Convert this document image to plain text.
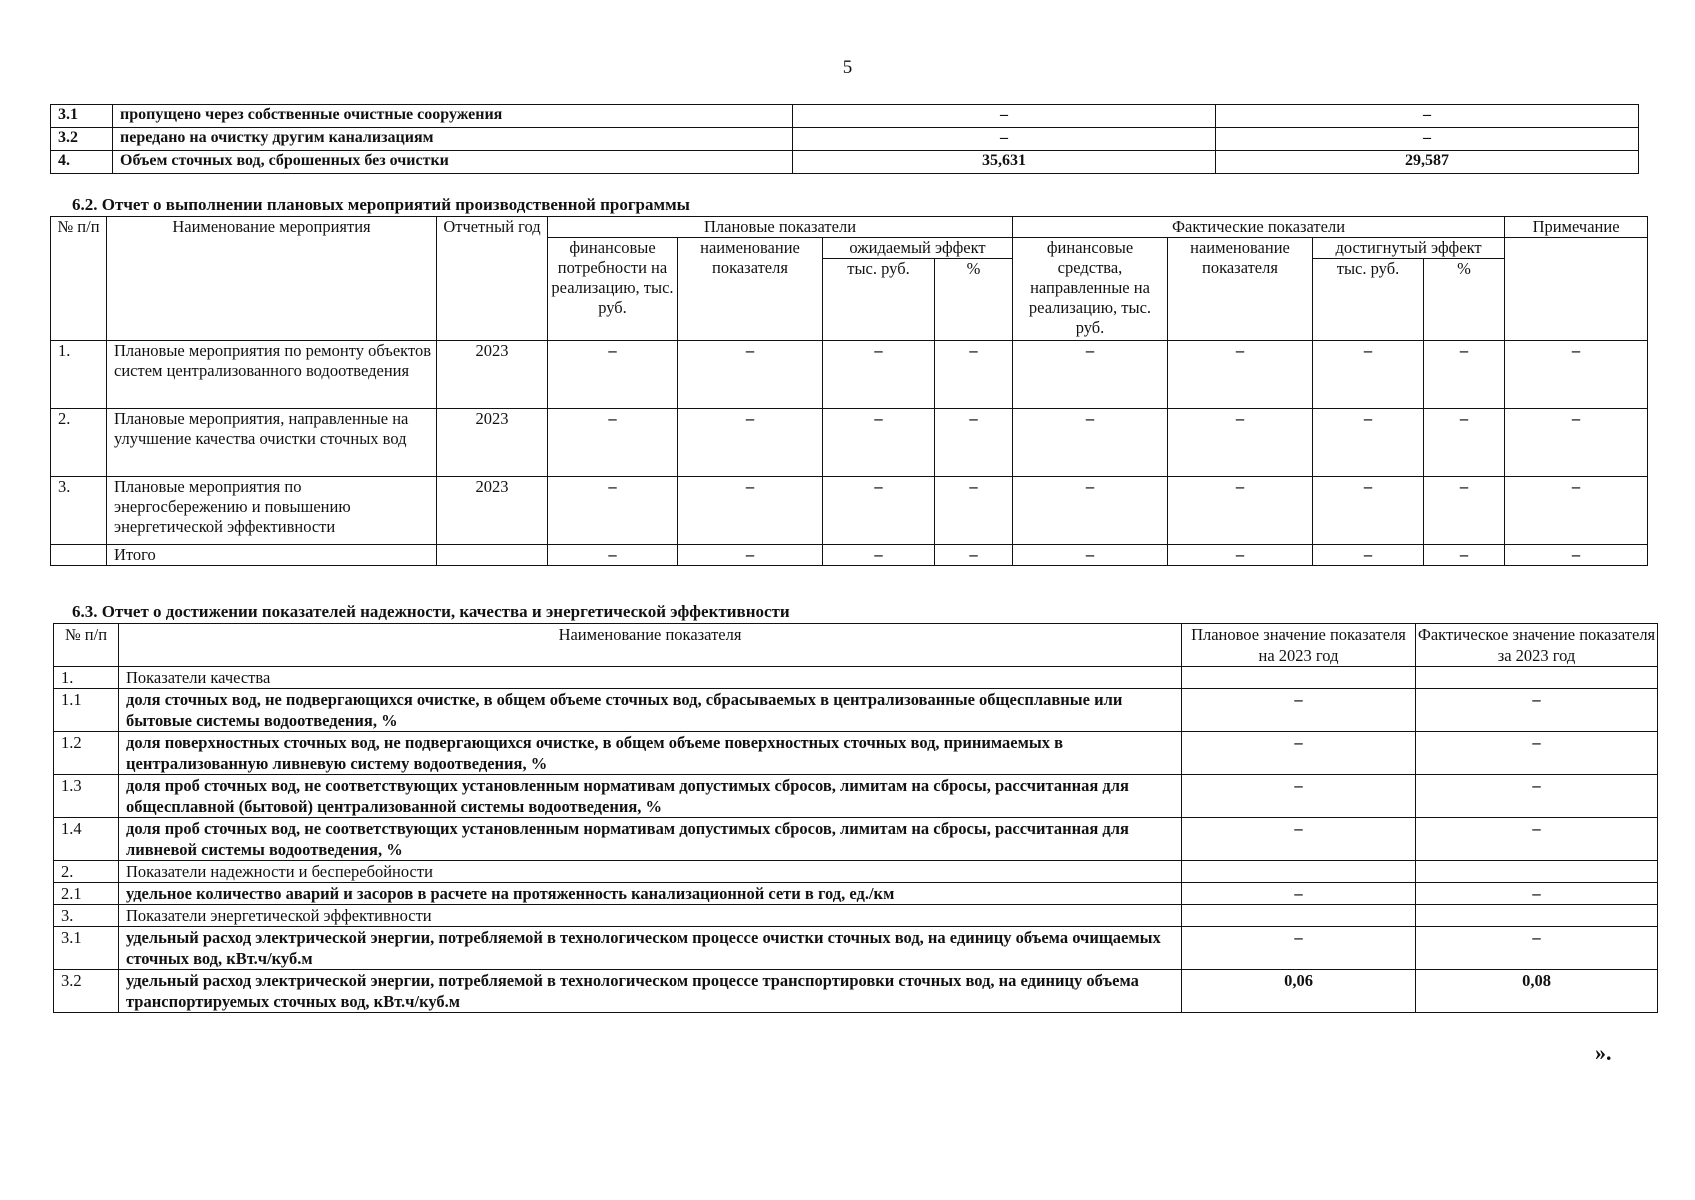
5
3.1	пропущено через собственные очистные сооружения	–	–
3.2	передано на очистку другим канализациям	–	–
4.	Объем сточных вод, сброшенных без очистки	35,631	29,587
6.2. Отчет о выполнении плановых мероприятий производственной программы
№ п/п	Наименование мероприятия	Отчетный год	Плановые показатели				Фактические показатели				Примечание
			финансовые потребности на реализацию, тыс. руб.	наименование показателя	ожидаемый эффект		финансовые средства, направленные на реализацию, тыс. руб.	наименование показателя	достигнутый эффект		
					тыс. руб.	%			тыс. руб.	%	
1.	Плановые мероприятия по ремонту объектов систем централизованного водоотведения	2023	–	–	–	–	–	–	–	–	–
2.	Плановые мероприятия, направленные на улучшение качества очистки сточных вод	2023	–	–	–	–	–	–	–	–	–
3.	Плановые мероприятия по энергосбережению и повышению энергетической эффективности	2023	–	–	–	–	–	–	–	–	–
	Итого		–	–	–	–	–	–	–	–	–
6.3. Отчет о достижении показателей надежности, качества и энергетической эффективности
№ п/п	Наименование показателя	Плановое значение показателя на 2023 год	Фактическое значение показателя за 2023 год
1.	Показатели качества		
1.1	доля сточных вод, не подвергающихся очистке, в общем объеме сточных вод, сбрасываемых в централизованные общесплавные или бытовые системы водоотведения, %	–	–
1.2	доля поверхностных сточных вод, не подвергающихся очистке, в общем объеме поверхностных сточных вод, принимаемых в централизованную ливневую систему водоотведения, %	–	–
1.3	доля проб сточных вод, не соответствующих установленным нормативам допустимых сбросов, лимитам на сбросы, рассчитанная для общесплавной (бытовой) централизованной системы водоотведения, %	–	–
1.4	доля проб сточных вод, не соответствующих установленным нормативам допустимых сбросов, лимитам на сбросы, рассчитанная для ливневой системы водоотведения, %	–	–
2.	Показатели надежности и бесперебойности		
2.1	удельное количество аварий и засоров в расчете на протяженность канализационной сети в год, ед./км	–	–
3.	Показатели энергетической эффективности		
3.1	удельный расход электрической энергии, потребляемой в технологическом процессе очистки сточных вод, на единицу объема очищаемых сточных вод, кВт.ч/куб.м	–	–
3.2	удельный расход электрической энергии, потребляемой в технологическом процессе транспортировки сточных вод, на единицу объема транспортируемых сточных вод, кВт.ч/куб.м	0,06	0,08
».
